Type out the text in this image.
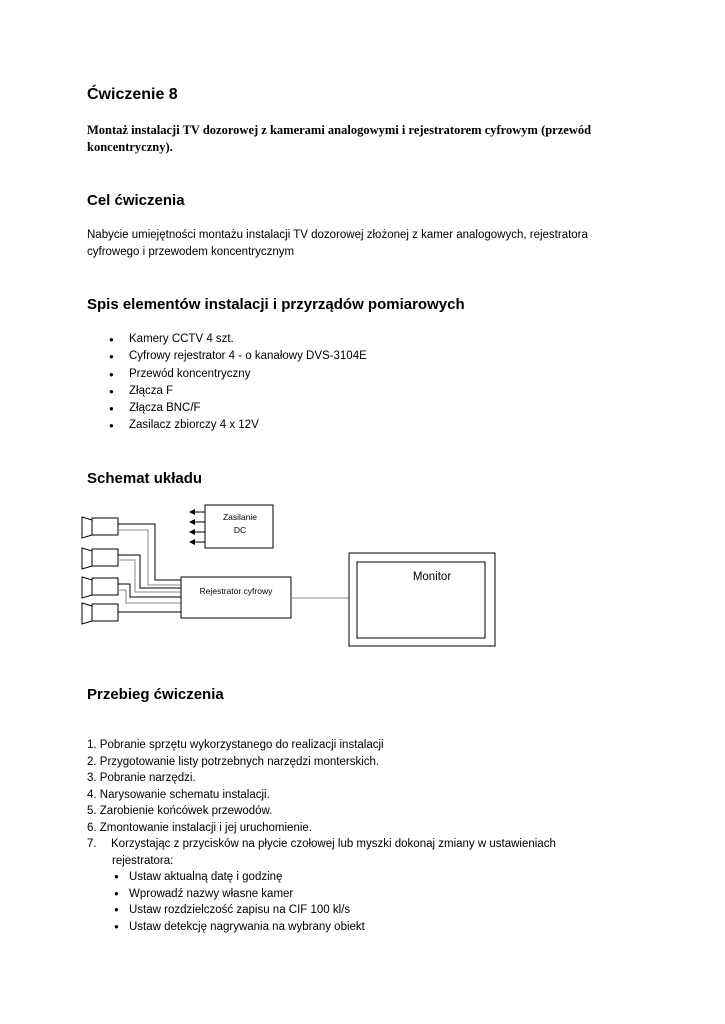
Ćwiczenie 8

Montaż instalacji TV dozorowej z kamerami analogowymi i rejestratorem cyfrowym (przewód koncentryczny).

Cel ćwiczenia

Nabycie umiejętności montażu instalacji TV dozorowej złożonej z kamer analogowych, rejestratora cyfrowego i przewodem koncentrycznym

Spis elementów instalacji i przyrządów pomiarowych
● Kamery CCTV 4 szt.
● Cyfrowy rejestrator 4 - o kanałowy DVS-3104E
● Przewód koncentryczny
● Złącza F
● Złącza BNC/F
● Zasilacz zbiorczy 4 x 12V
Schemat układu
Rejestrator cyfrowy
Zasilanie
DC
Monitor
Przebieg ćwiczenia
1. Pobranie sprzętu wykorzystanego do realizacji instalacji
2. Przygotowanie listy potrzebnych narzędzi monterskich.
3. Pobranie narzędzi.
4. Narysowanie schematu instalacji.
5. Zarobienie końcówek przewodów.
6. Zmontowanie instalacji i jej uruchomienie.
7. Korzystając z przycisków na płycie czołowej lub myszki dokonaj zmiany w ustawieniach
rejestratora:
● Ustaw aktualną datę i godzinę
● Wprowadź nazwy własne kamer
● Ustaw rozdzielczość zapisu na CIF 100 kl/s
● Ustaw detekcję nagrywania na wybrany obiekt
